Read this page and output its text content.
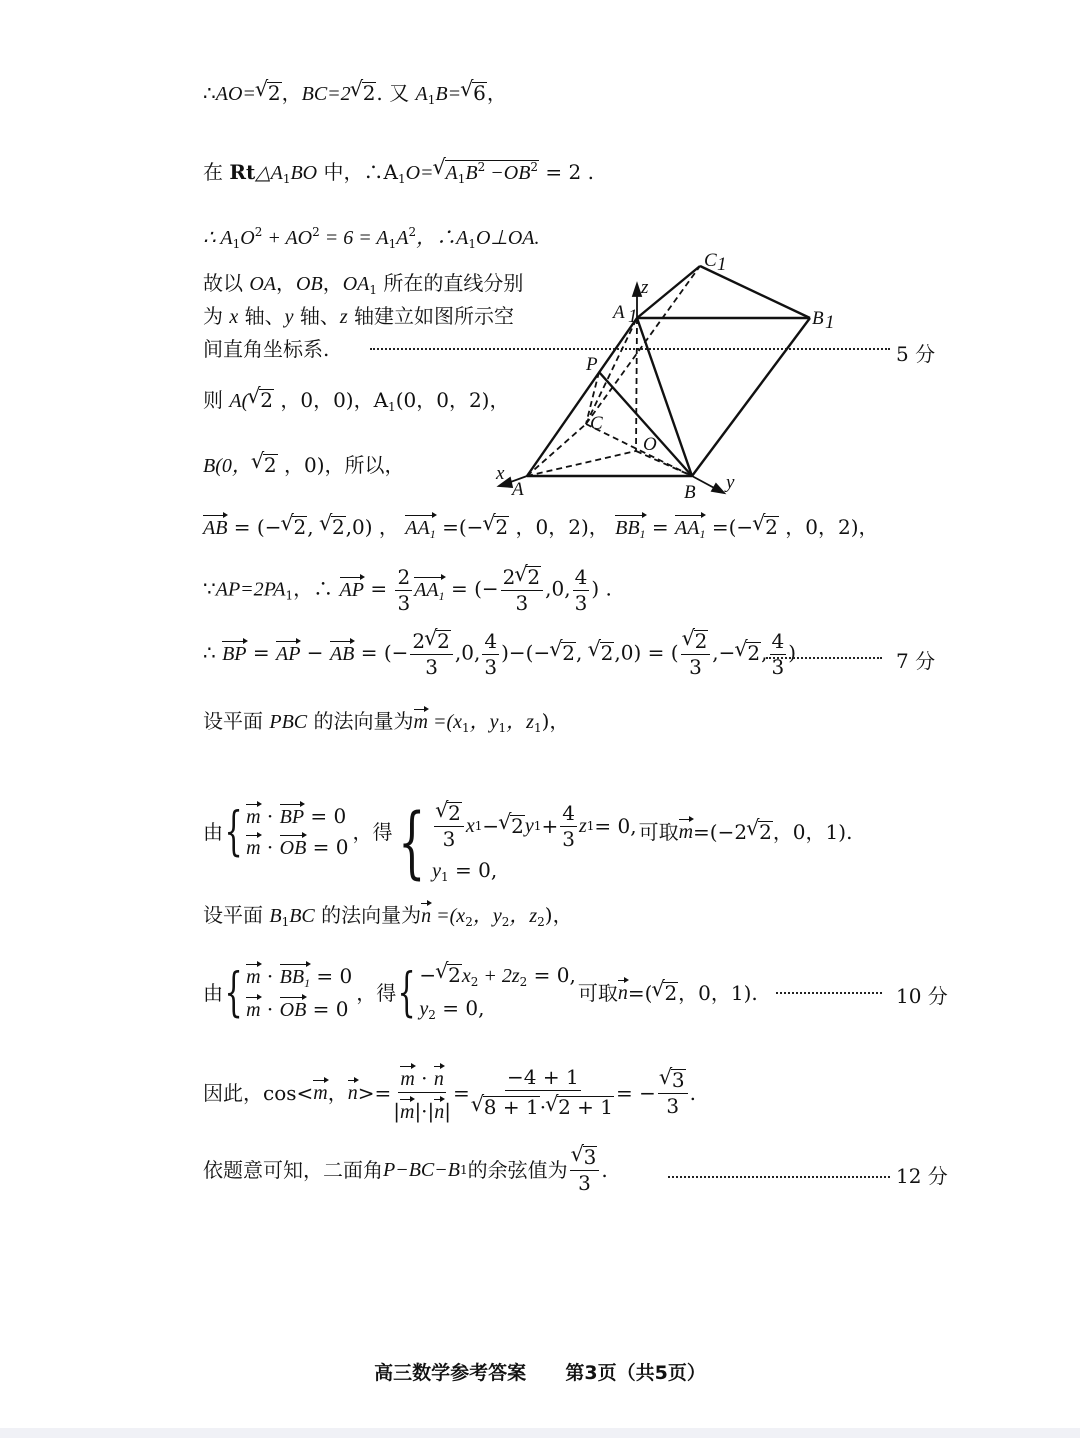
∴AO= √ 2，BC=2 √ 2. 又 $A_1B=$ √ 6，
在 $Rt\triangle A_1BO$ 中，$\therefore A_1O=$ √ $A_1B^2 -OB^2 = 2$ .
∴ $A_1O^2 + AO^2 = 6 = A_1A^2$，$\therefore A_1O\perp OA$.
故以 OA，OB，$OA_1$ 所在的直线分别
为 x 轴、y 轴、z 轴建立如图所示空
间直角坐标系.	5 分
则 A( √ 2 ，0，0)，$A_1(0$，0，2)，
B(0， √ 2 ，0)，所以，
A	B
C
O
P
A 1	B 1
C 1
z
x	y
AB = (− √ 2, √ 2,0) ， $AA_1$ =(− √ 2 ，0，2)， $BB_1 = AA_1$ =(− √ 2 ，0，2)，
$\because AP=2PA_1$，∴ AP = $\frac{2}{3} AA_1$ = (− $\frac{2 √ 2}{3} ,0$, $\frac{4}{3}$ ) .
∴ BP = AP − AB = (− $\frac{2 √ 2}{3} ,0$, $\frac{4}{3}$ )−(− √ 2, √ 2,0) = ( √ $\frac{2}{3}$ ,− √ 2, $\frac{4}{3}$ )	7 分
设平面 PBC 的法向量为$m =(x_1$，$y_1$，$z_1$)，
由 { m · BP = 0
m · OB = 0
，得 { √ $\frac{2}{3}$ x 1 − √ 2 y $1 + \frac{4}{3}$ z 1 = 0,
$y_1 = 0$,
可取 m =(−2 √ 2 ，0，1).
设平面 $B_1BC$ 的法向量为$n =(x_2$，$y_2$，$z_2$)，
由 { $m \cdot BB_1 = 0$
m · OB = 0
，得 { − √ $2x_2 + 2z_2 = 0$,
$y_2 = 0$,
可取 n =( √ 2 ，0，1).	10 分
因此，cos< m ， $n >= \frac{m \cdot n}{|m|\cdot|n|} = -4 + 1$
√ 8 + 1· √ 2 + 1 = − √ $\frac{3}{3}$ .
依题意可知，二面角 P−BC−B 1 的余弦值为 √ $\frac{3}{3}$ .	12 分
高三数学参考答案 第3页（共5页）
